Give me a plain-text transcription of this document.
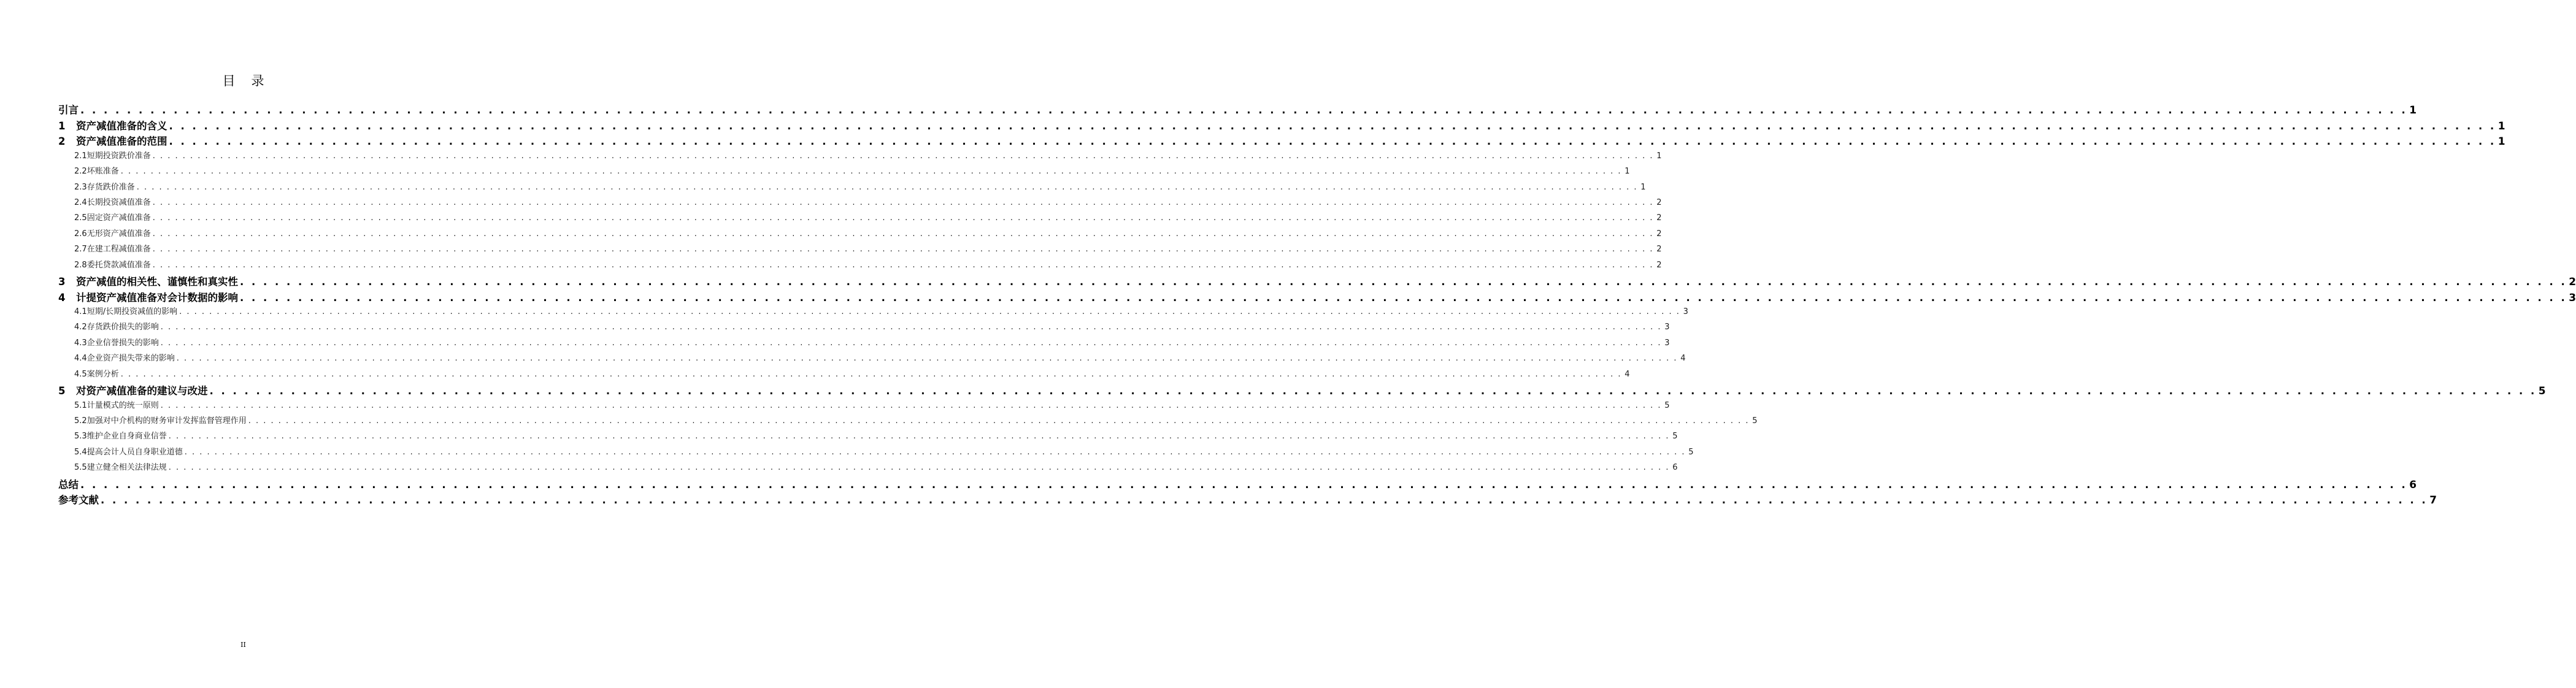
目 录
引言 . . . . . . . . . . . . . . . . . . . . . . . . . . . . . . . . . . . . . . . . . . . . . . . . . . . . . . . . . . . . . . . . . . . . . . . . . . . . . . . . . . . . . . . . . . . . . . . . . . . . . . . . . . . . . . . . . . . . . . . . . . . . . . . . . . . . . . . . . . . . . . . . . . . . . . . . . . . . . . . . . . . . . . . . . . . . . . . . . . . . . . . . . . . . . . . . . . . . . . . . 1
1 资产减值准备的含义 . . . . . . . . . . . . . . . . . . . . . . . . . . . . . . . . . . . . . . . . . . . . . . . . . . . . . . . . . . . . . . . . . . . . . . . . . . . . . . . . . . . . . . . . . . . . . . . . . . . . . . . . . . . . . . . . . . . . . . . . . . . . . . . . . . . . . . . . . . . . . . . . . . . . . . . . . . . . . . . . . . . . . . . . . . . . . . . . . . . . . . . . . . . . . . . . . . . . . . . . 1
2 资产减值准备的范围 . . . . . . . . . . . . . . . . . . . . . . . . . . . . . . . . . . . . . . . . . . . . . . . . . . . . . . . . . . . . . . . . . . . . . . . . . . . . . . . . . . . . . . . . . . . . . . . . . . . . . . . . . . . . . . . . . . . . . . . . . . . . . . . . . . . . . . . . . . . . . . . . . . . . . . . . . . . . . . . . . . . . . . . . . . . . . . . . . . . . . . . . . . . . . . . . . . . . . . . . 1
2.1短期投资跌价准备 . . . . . . . . . . . . . . . . . . . . . . . . . . . . . . . . . . . . . . . . . . . . . . . . . . . . . . . . . . . . . . . . . . . . . . . . . . . . . . . . . . . . . . . . . . . . . . . . . . . . . . . . . . . . . . . . . . . . . . . . . . . . . . . . . . . . . . . . . . . . . . . . . . . . . . . . . . . . . . . . . . . . . . . . . . . . . . . . . . . . . . . . . . . . . . . . . . . . . . . . 1
2.2坏账准备 . . . . . . . . . . . . . . . . . . . . . . . . . . . . . . . . . . . . . . . . . . . . . . . . . . . . . . . . . . . . . . . . . . . . . . . . . . . . . . . . . . . . . . . . . . . . . . . . . . . . . . . . . . . . . . . . . . . . . . . . . . . . . . . . . . . . . . . . . . . . . . . . . . . . . . . . . . . . . . . . . . . . . . . . . . . . . . . . . . . . . . . . . . . . . . . . . . . . . . . . 1
2.3存货跌价准备 . . . . . . . . . . . . . . . . . . . . . . . . . . . . . . . . . . . . . . . . . . . . . . . . . . . . . . . . . . . . . . . . . . . . . . . . . . . . . . . . . . . . . . . . . . . . . . . . . . . . . . . . . . . . . . . . . . . . . . . . . . . . . . . . . . . . . . . . . . . . . . . . . . . . . . . . . . . . . . . . . . . . . . . . . . . . . . . . . . . . . . . . . . . . . . . . . . . . . . . . 1
2.4长期投资减值准备 . . . . . . . . . . . . . . . . . . . . . . . . . . . . . . . . . . . . . . . . . . . . . . . . . . . . . . . . . . . . . . . . . . . . . . . . . . . . . . . . . . . . . . . . . . . . . . . . . . . . . . . . . . . . . . . . . . . . . . . . . . . . . . . . . . . . . . . . . . . . . . . . . . . . . . . . . . . . . . . . . . . . . . . . . . . . . . . . . . . . . . . . . . . . . . . . . . . . . . . . 2
2.5固定资产减值准备 . . . . . . . . . . . . . . . . . . . . . . . . . . . . . . . . . . . . . . . . . . . . . . . . . . . . . . . . . . . . . . . . . . . . . . . . . . . . . . . . . . . . . . . . . . . . . . . . . . . . . . . . . . . . . . . . . . . . . . . . . . . . . . . . . . . . . . . . . . . . . . . . . . . . . . . . . . . . . . . . . . . . . . . . . . . . . . . . . . . . . . . . . . . . . . . . . . . . . . . . 2
2.6无形资产减值准备 . . . . . . . . . . . . . . . . . . . . . . . . . . . . . . . . . . . . . . . . . . . . . . . . . . . . . . . . . . . . . . . . . . . . . . . . . . . . . . . . . . . . . . . . . . . . . . . . . . . . . . . . . . . . . . . . . . . . . . . . . . . . . . . . . . . . . . . . . . . . . . . . . . . . . . . . . . . . . . . . . . . . . . . . . . . . . . . . . . . . . . . . . . . . . . . . . . . . . . . . 2
2.7在建工程减值准备 . . . . . . . . . . . . . . . . . . . . . . . . . . . . . . . . . . . . . . . . . . . . . . . . . . . . . . . . . . . . . . . . . . . . . . . . . . . . . . . . . . . . . . . . . . . . . . . . . . . . . . . . . . . . . . . . . . . . . . . . . . . . . . . . . . . . . . . . . . . . . . . . . . . . . . . . . . . . . . . . . . . . . . . . . . . . . . . . . . . . . . . . . . . . . . . . . . . . . . . . 2
2.8委托贷款减值准备 . . . . . . . . . . . . . . . . . . . . . . . . . . . . . . . . . . . . . . . . . . . . . . . . . . . . . . . . . . . . . . . . . . . . . . . . . . . . . . . . . . . . . . . . . . . . . . . . . . . . . . . . . . . . . . . . . . . . . . . . . . . . . . . . . . . . . . . . . . . . . . . . . . . . . . . . . . . . . . . . . . . . . . . . . . . . . . . . . . . . . . . . . . . . . . . . . . . . . . . . 2
3 资产减值的相关性、谨慎性和真实性 . . . . . . . . . . . . . . . . . . . . . . . . . . . . . . . . . . . . . . . . . . . . . . . . . . . . . . . . . . . . . . . . . . . . . . . . . . . . . . . . . . . . . . . . . . . . . . . . . . . . . . . . . . . . . . . . . . . . . . . . . . . . . . . . . . . . . . . . . . . . . . . . . . . . . . . . . . . . . . . . . . . . . . . . . . . . . . . . . . . . . . . . . . . . . . . . . . . . . . . . 2
4 计提资产减值准备对会计数据的影响 . . . . . . . . . . . . . . . . . . . . . . . . . . . . . . . . . . . . . . . . . . . . . . . . . . . . . . . . . . . . . . . . . . . . . . . . . . . . . . . . . . . . . . . . . . . . . . . . . . . . . . . . . . . . . . . . . . . . . . . . . . . . . . . . . . . . . . . . . . . . . . . . . . . . . . . . . . . . . . . . . . . . . . . . . . . . . . . . . . . . . . . . . . . . . . . . . . . . . . . . 3
4.1短期/长期投资减值的影响 . . . . . . . . . . . . . . . . . . . . . . . . . . . . . . . . . . . . . . . . . . . . . . . . . . . . . . . . . . . . . . . . . . . . . . . . . . . . . . . . . . . . . . . . . . . . . . . . . . . . . . . . . . . . . . . . . . . . . . . . . . . . . . . . . . . . . . . . . . . . . . . . . . . . . . . . . . . . . . . . . . . . . . . . . . . . . . . . . . . . . . . . . . . . . . . . . . . . . . . . 3
4.2存货跌价损失的影响 . . . . . . . . . . . . . . . . . . . . . . . . . . . . . . . . . . . . . . . . . . . . . . . . . . . . . . . . . . . . . . . . . . . . . . . . . . . . . . . . . . . . . . . . . . . . . . . . . . . . . . . . . . . . . . . . . . . . . . . . . . . . . . . . . . . . . . . . . . . . . . . . . . . . . . . . . . . . . . . . . . . . . . . . . . . . . . . . . . . . . . . . . . . . . . . . . . . . . . . . 3
4.3企业信誉损失的影响 . . . . . . . . . . . . . . . . . . . . . . . . . . . . . . . . . . . . . . . . . . . . . . . . . . . . . . . . . . . . . . . . . . . . . . . . . . . . . . . . . . . . . . . . . . . . . . . . . . . . . . . . . . . . . . . . . . . . . . . . . . . . . . . . . . . . . . . . . . . . . . . . . . . . . . . . . . . . . . . . . . . . . . . . . . . . . . . . . . . . . . . . . . . . . . . . . . . . . . . . 3
4.4企业资产损失带来的影响 . . . . . . . . . . . . . . . . . . . . . . . . . . . . . . . . . . . . . . . . . . . . . . . . . . . . . . . . . . . . . . . . . . . . . . . . . . . . . . . . . . . . . . . . . . . . . . . . . . . . . . . . . . . . . . . . . . . . . . . . . . . . . . . . . . . . . . . . . . . . . . . . . . . . . . . . . . . . . . . . . . . . . . . . . . . . . . . . . . . . . . . . . . . . . . . . . . . . . . . . 4
4.5案例分析 . . . . . . . . . . . . . . . . . . . . . . . . . . . . . . . . . . . . . . . . . . . . . . . . . . . . . . . . . . . . . . . . . . . . . . . . . . . . . . . . . . . . . . . . . . . . . . . . . . . . . . . . . . . . . . . . . . . . . . . . . . . . . . . . . . . . . . . . . . . . . . . . . . . . . . . . . . . . . . . . . . . . . . . . . . . . . . . . . . . . . . . . . . . . . . . . . . . . . . . . 4
5 对资产减值准备的建议与改进 . . . . . . . . . . . . . . . . . . . . . . . . . . . . . . . . . . . . . . . . . . . . . . . . . . . . . . . . . . . . . . . . . . . . . . . . . . . . . . . . . . . . . . . . . . . . . . . . . . . . . . . . . . . . . . . . . . . . . . . . . . . . . . . . . . . . . . . . . . . . . . . . . . . . . . . . . . . . . . . . . . . . . . . . . . . . . . . . . . . . . . . . . . . . . . . . . . . . . . . . 5
5.1计量模式的统一原则 . . . . . . . . . . . . . . . . . . . . . . . . . . . . . . . . . . . . . . . . . . . . . . . . . . . . . . . . . . . . . . . . . . . . . . . . . . . . . . . . . . . . . . . . . . . . . . . . . . . . . . . . . . . . . . . . . . . . . . . . . . . . . . . . . . . . . . . . . . . . . . . . . . . . . . . . . . . . . . . . . . . . . . . . . . . . . . . . . . . . . . . . . . . . . . . . . . . . . . . . 5
5.2加强对中介机构的财务审计发挥监督管理作用 . . . . . . . . . . . . . . . . . . . . . . . . . . . . . . . . . . . . . . . . . . . . . . . . . . . . . . . . . . . . . . . . . . . . . . . . . . . . . . . . . . . . . . . . . . . . . . . . . . . . . . . . . . . . . . . . . . . . . . . . . . . . . . . . . . . . . . . . . . . . . . . . . . . . . . . . . . . . . . . . . . . . . . . . . . . . . . . . . . . . . . . . . . . . . . . . . . . . . . . . 5
5.3维护企业自身商业信誉 . . . . . . . . . . . . . . . . . . . . . . . . . . . . . . . . . . . . . . . . . . . . . . . . . . . . . . . . . . . . . . . . . . . . . . . . . . . . . . . . . . . . . . . . . . . . . . . . . . . . . . . . . . . . . . . . . . . . . . . . . . . . . . . . . . . . . . . . . . . . . . . . . . . . . . . . . . . . . . . . . . . . . . . . . . . . . . . . . . . . . . . . . . . . . . . . . . . . . . . . 5
5.4提高会计人员自身职业道德 . . . . . . . . . . . . . . . . . . . . . . . . . . . . . . . . . . . . . . . . . . . . . . . . . . . . . . . . . . . . . . . . . . . . . . . . . . . . . . . . . . . . . . . . . . . . . . . . . . . . . . . . . . . . . . . . . . . . . . . . . . . . . . . . . . . . . . . . . . . . . . . . . . . . . . . . . . . . . . . . . . . . . . . . . . . . . . . . . . . . . . . . . . . . . . . . . . . . . . . . 5
5.5建立健全相关法律法规 . . . . . . . . . . . . . . . . . . . . . . . . . . . . . . . . . . . . . . . . . . . . . . . . . . . . . . . . . . . . . . . . . . . . . . . . . . . . . . . . . . . . . . . . . . . . . . . . . . . . . . . . . . . . . . . . . . . . . . . . . . . . . . . . . . . . . . . . . . . . . . . . . . . . . . . . . . . . . . . . . . . . . . . . . . . . . . . . . . . . . . . . . . . . . . . . . . . . . . . . 6
总结 . . . . . . . . . . . . . . . . . . . . . . . . . . . . . . . . . . . . . . . . . . . . . . . . . . . . . . . . . . . . . . . . . . . . . . . . . . . . . . . . . . . . . . . . . . . . . . . . . . . . . . . . . . . . . . . . . . . . . . . . . . . . . . . . . . . . . . . . . . . . . . . . . . . . . . . . . . . . . . . . . . . . . . . . . . . . . . . . . . . . . . . . . . . . . . . . . . . . . . . . 6
参考文献 . . . . . . . . . . . . . . . . . . . . . . . . . . . . . . . . . . . . . . . . . . . . . . . . . . . . . . . . . . . . . . . . . . . . . . . . . . . . . . . . . . . . . . . . . . . . . . . . . . . . . . . . . . . . . . . . . . . . . . . . . . . . . . . . . . . . . . . . . . . . . . . . . . . . . . . . . . . . . . . . . . . . . . . . . . . . . . . . . . . . . . . . . . . . . . . . . . . . . . . . 7
II
